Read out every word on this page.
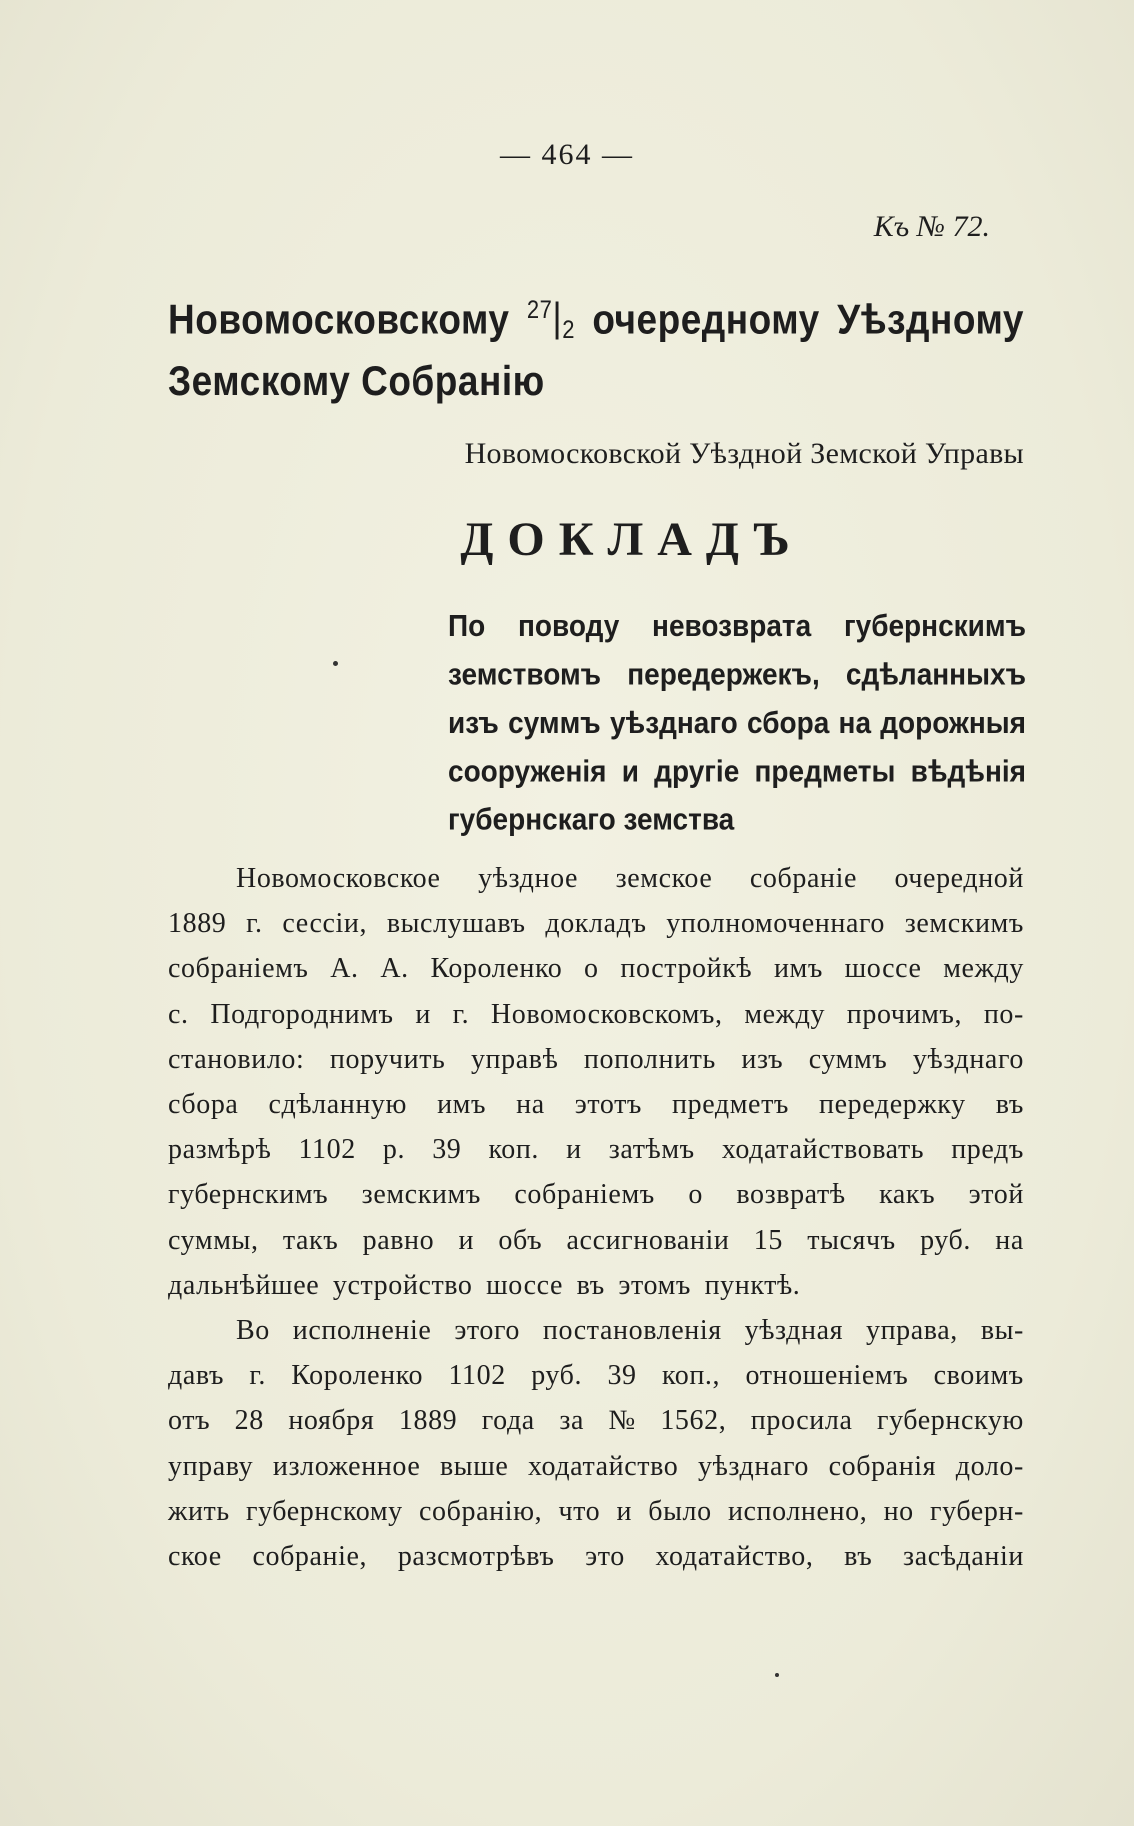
— 464 —
Къ № 72.
Новомосковскому 27|2 очередному Уѣздному
Земскому Собранію
Новомосковской Уѣздной Земской Управы
ДОКЛАДЪ
По поводу невозврата губернскимъ
земствомъ передержекъ, сдѣланныхъ
изъ суммъ уѣзднаго сбора на дорожныя
сооруженія и другіе предметы вѣдѣнія
губернскаго земства
Новомосковское уѣздное земское собраніе очередной
1889 г. сессіи, выслушавъ докладъ уполномоченнаго земскимъ
собраніемъ А. А. Короленко о постройкѣ имъ шоссе между
с. Подгороднимъ и г. Новомосковскомъ, между прочимъ, по-
становило: поручить управѣ пополнить изъ суммъ уѣзднаго
сбора сдѣланную имъ на этотъ предметъ передержку въ
размѣрѣ 1102 р. 39 коп. и затѣмъ ходатайствовать предъ
губернскимъ земскимъ собраніемъ о возвратѣ какъ этой
суммы, такъ равно и объ ассигнованіи 15 тысячъ руб. на
дальнѣйшее устройство шоссе въ этомъ пунктѣ.
Во исполненіе этого постановленія уѣздная управа, вы-
давъ г. Короленко 1102 руб. 39 коп., отношеніемъ своимъ
отъ 28 ноября 1889 года за № 1562, просила губернскую
управу изложенное выше ходатайство уѣзднаго собранія доло-
жить губернскому собранію, что и было исполнено, но губерн-
ское собраніе, разсмотрѣвъ это ходатайство, въ засѣданіи
